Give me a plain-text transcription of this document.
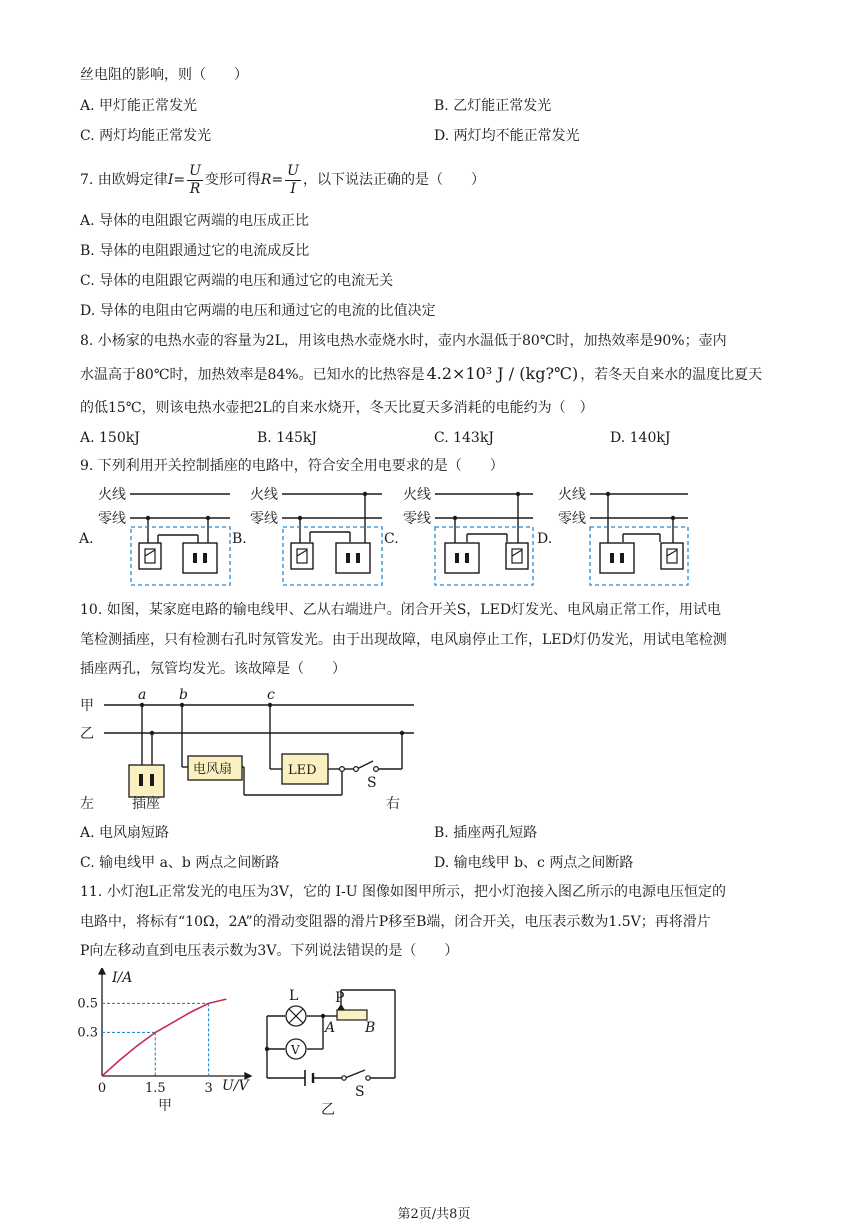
丝电阻的影响，则（　　）
A. 甲灯能正常发光	B. 乙灯能正常发光
C. 两灯均能正常发光	D. 两灯均不能正常发光
7. 由欧姆定律$I= \frac{U}{R}$ 变形可得$R= \frac{U}{I}$ ，以下说法正确的是（　　）
A. 导体的电阻跟它两端的电压成正比
B. 导体的电阻跟通过它的电流成反比
C. 导体的电阻跟它两端的电压和通过它的电流无关
D. 导体的电阻由它两端的电压和通过它的电流的比值决定
8. 小杨家的电热水壶的容量为2L，用该电热水壶烧水时，壶内水温低于80℃时，加热效率是90%；壶内
水温高于80℃时，加热效率是84%。已知水的比热容是 4.2×10³ J / (kg?℃) ，若冬天自来水的温度比夏天
的低15℃，则该电热水壶把2L的自来水烧开，冬天比夏天多消耗的电能约为（　）
A. 150kJ	B. 145kJ	C. 143kJ	D. 140kJ
9. 下列利用开关控制插座的电路中，符合安全用电要求的是（　　）
火线
零线
火线
零线
火线
零线
火线
零线
A.	B.	C.	D.
10. 如图，某家庭电路的输电线甲、乙从右端进户。闭合开关S，LED灯发光、电风扇正常工作，用试电
笔检测插座，只有检测右孔时氖管发光。由于出现故障，电风扇停止工作，LED灯仍发光，用试电笔检测
插座两孔，氖管均发光。该故障是（　　）
甲
乙
a b	c
电风扇	LED
S
左	插座	右
A. 电风扇短路	B. 插座两孔短路
C. 输电线甲 a、b 两点之间断路	D. 输电线甲 b、c 两点之间断路
11. 小灯泡L正常发光的电压为3V，它的 I-U 图像如图甲所示，把小灯泡接入图乙所示的电源电压恒定的
电路中，将标有“10Ω，2A”的滑动变阻器的滑片P移至B端，闭合开关，电压表示数为1.5V；再将滑片
P向左移动直到电压表示数为3V。下列说法错误的是（　　）
0	1.5	3
0.3
0.5
I/A
U/V
甲
L	P
A B
V
S
乙
第2页/共8页
